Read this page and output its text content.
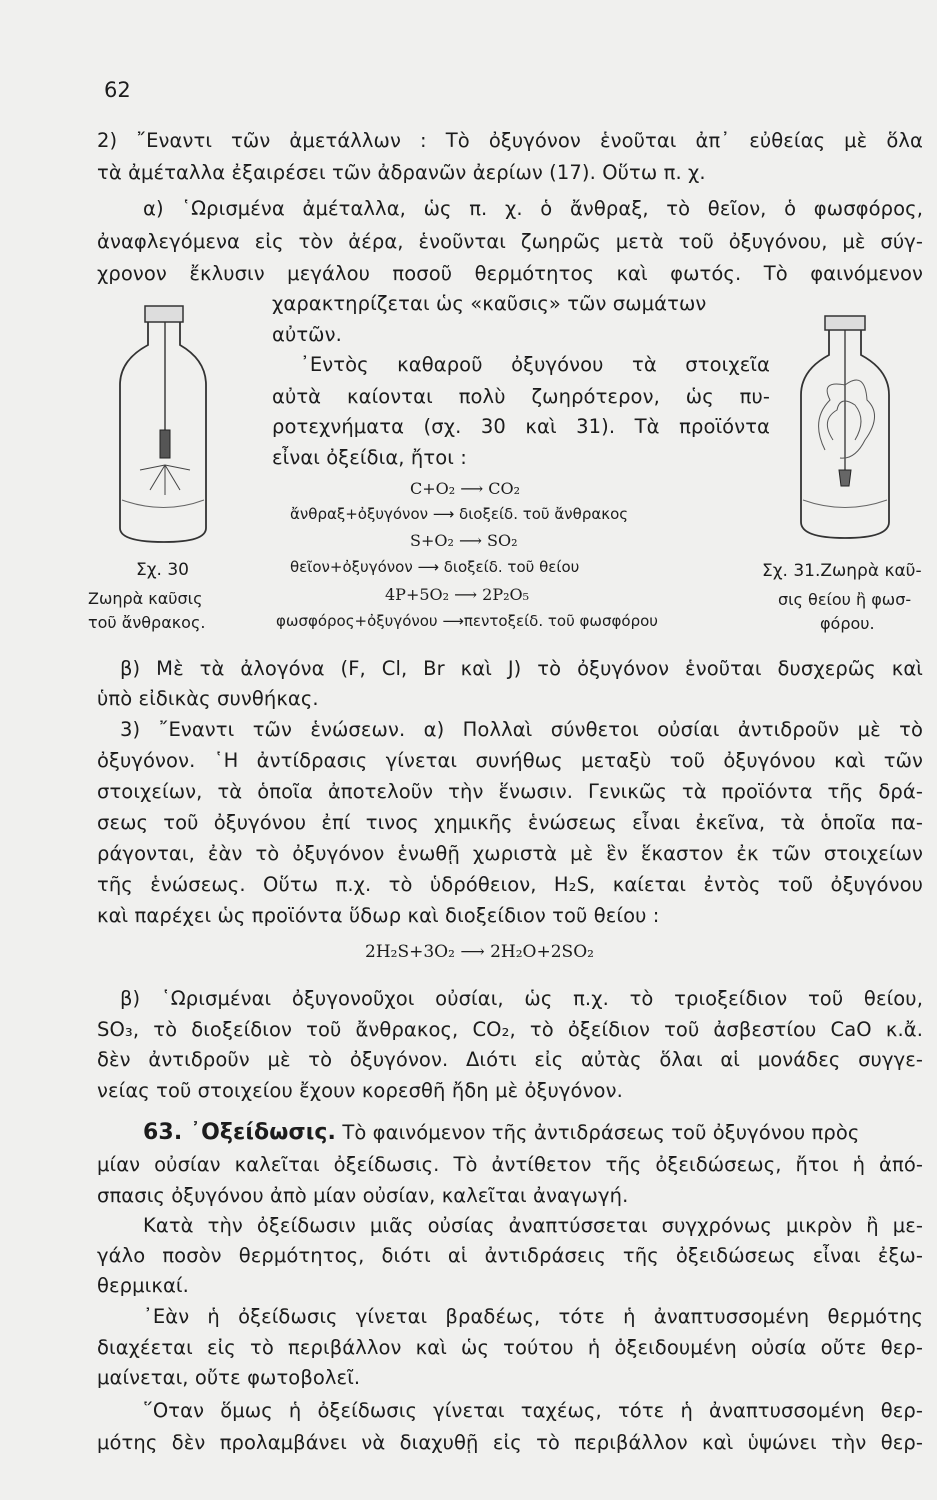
62
2) ῎Εναντι τῶν ἀμετάλλων : Τὸ ὀξυγόνον ἑνοῦται ἀπ᾽ εὐθείας μὲ ὅλα
τὰ ἀμέταλλα ἐξαιρέσει τῶν ἀδρανῶν ἀερίων (17). Οὕτω π. χ.
α) ῾Ωρισμένα ἀμέταλλα, ὡς π. χ. ὁ ἄνθραξ, τὸ θεῖον, ὁ φωσφόρος,
ἀναφλεγόμενα εἰς τὸν ἀέρα, ἑνοῦνται ζωηρῶς μετὰ τοῦ ὀξυγόνου, μὲ σύγ-
χρονον ἔκλυσιν μεγάλου ποσοῦ θερμότητος καὶ φωτός. Τὸ φαινόμενον
χαρακτηρίζεται ὡς «καῦσις» τῶν σωμάτων
αὐτῶν.
᾽Εντὸς καθαροῦ ὀξυγόνου τὰ στοιχεῖα
αὐτὰ καίονται πολὺ ζωηρότερον, ὡς πυ-
ροτεχνήματα (σχ. 30 καὶ 31). Τὰ προϊόντα
εἶναι ὀξείδια, ἤτοι :
Σχ. 30
Ζωηρὰ καῦσις
τοῦ ἄνθρακος.
Σχ. 31.Ζωηρὰ καῦ-
σις θείου ἢ φωσ-
φόρου.
C+O₂ ⟶ CO₂
ἄνθραξ+ὀξυγόνον ⟶ διοξείδ. τοῦ ἄνθρακος
S+O₂ ⟶ SO₂
θεῖον+ὀξυγόνον ⟶ διοξείδ. τοῦ θείου
4P+5O₂ ⟶ 2P₂O₅
φωσφόρος+ὀξυγόνου ⟶πεντοξείδ. τοῦ φωσφόρου
β) Μὲ τὰ ἀλογόνα (F, Cl, Br καὶ J) τὸ ὀξυγόνον ἑνοῦται δυσχερῶς καὶ
ὑπὸ εἰδικὰς συνθήκας.
3) ῎Εναντι τῶν ἑνώσεων. α) Πολλαὶ σύνθετοι οὐσίαι ἀντιδροῦν μὲ τὸ
ὀξυγόνον. ῾Η ἀντίδρασις γίνεται συνήθως μεταξὺ τοῦ ὀξυγόνου καὶ τῶν
στοιχείων, τὰ ὁποῖα ἀποτελοῦν τὴν ἕνωσιν. Γενικῶς τὰ προϊόντα τῆς δρά-
σεως τοῦ ὀξυγόνου ἐπί τινος χημικῆς ἑνώσεως εἶναι ἐκεῖνα, τὰ ὁποῖα πα-
ράγονται, ἐὰν τὸ ὀξυγόνον ἑνωθῇ χωριστὰ μὲ ἓν ἕκαστον ἐκ τῶν στοιχείων
τῆς ἑνώσεως. Οὕτω π.χ. τὸ ὑδρόθειον, H₂S, καίεται ἐντὸς τοῦ ὀξυγόνου
καὶ παρέχει ὡς προϊόντα ὕδωρ καὶ διοξείδιον τοῦ θείου :
2H₂S+3O₂ ⟶ 2H₂O+2SO₂
β) ῾Ωρισμέναι ὀξυγονοῦχοι οὐσίαι, ὡς π.χ. τὸ τριοξείδιον τοῦ θείου,
SO₃, τὸ διοξείδιον τοῦ ἄνθρακος, CO₂, τὸ ὀξείδιον τοῦ ἀσβεστίου CaO κ.ἄ.
δὲν ἀντιδροῦν μὲ τὸ ὀξυγόνον. Διότι εἰς αὐτὰς ὅλαι αἱ μονάδες συγγε-
νείας τοῦ στοιχείου ἔχουν κορεσθῆ ἤδη μὲ ὀξυγόνον.
63. ᾽Οξείδωσις. Τὸ φαινόμενον τῆς ἀντιδράσεως τοῦ ὀξυγόνου πρὸς
μίαν οὐσίαν καλεῖται ὀξείδωσις. Τὸ ἀντίθετον τῆς ὀξειδώσεως, ἤτοι ἡ ἀπό-
σπασις ὀξυγόνου ἀπὸ μίαν οὐσίαν, καλεῖται ἀναγωγή.
Κατὰ τὴν ὀξείδωσιν μιᾶς οὐσίας ἀναπτύσσεται συγχρόνως μικρὸν ἢ με-
γάλο ποσὸν θερμότητος, διότι αἱ ἀντιδράσεις τῆς ὀξειδώσεως εἶναι ἐξω-
θερμικαί.
᾽Εὰν ἡ ὀξείδωσις γίνεται βραδέως, τότε ἡ ἀναπτυσσομένη θερμότης
διαχέεται εἰς τὸ περιβάλλον καὶ ὡς τούτου ἡ ὀξειδουμένη οὐσία οὔτε θερ-
μαίνεται, οὔτε φωτοβολεῖ.
῞Οταν ὅμως ἡ ὀξείδωσις γίνεται ταχέως, τότε ἡ ἀναπτυσσομένη θερ-
μότης δὲν προλαμβάνει νὰ διαχυθῇ εἰς τὸ περιβάλλον καὶ ὑψώνει τὴν θερ-
